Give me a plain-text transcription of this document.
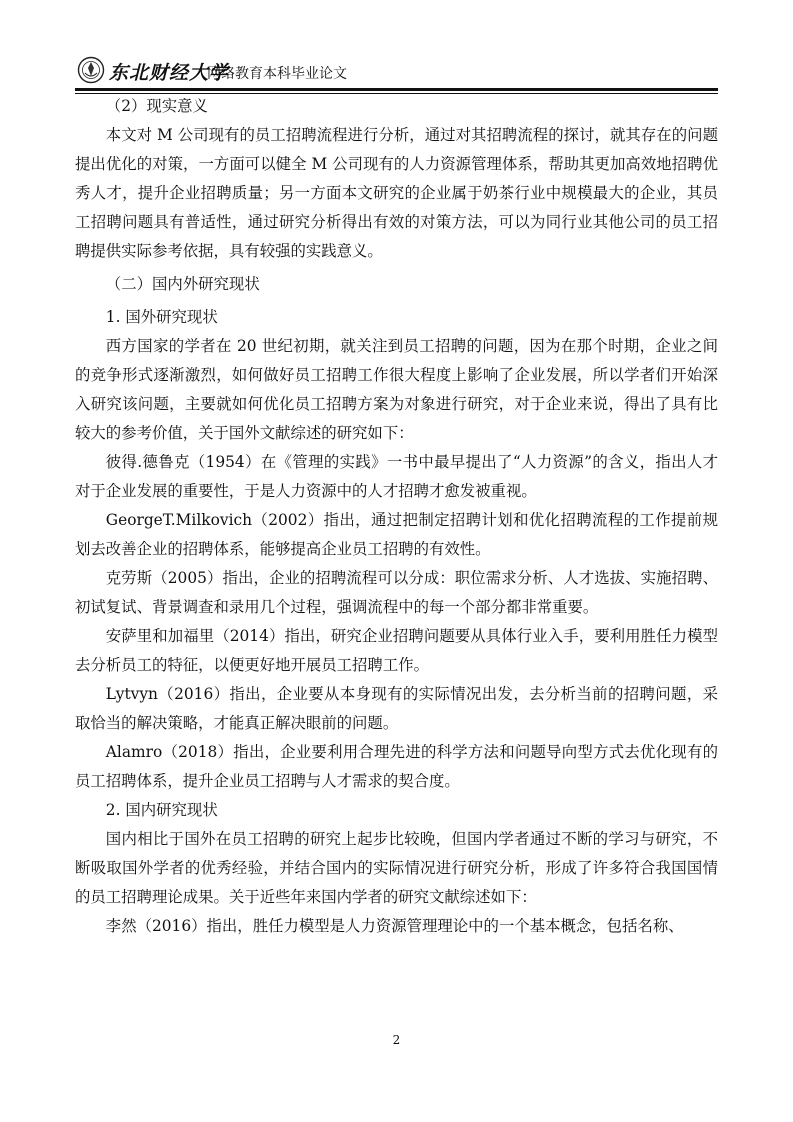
东北财经大学
网络教育本科毕业论文

（2）现实意义

本文对 M 公司现有的员工招聘流程进行分析，通过对其招聘流程的探讨，就其存在的问题提出优化的对策，一方面可以健全 M 公司现有的人力资源管理体系，帮助其更加高效地招聘优秀人才，提升企业招聘质量；另一方面本文研究的企业属于奶茶行业中规模最大的企业，其员工招聘问题具有普适性，通过研究分析得出有效的对策方法，可以为同行业其他公司的员工招聘提供实际参考依据，具有较强的实践意义。

（二）国内外研究现状

1. 国外研究现状

西方国家的学者在 20 世纪初期，就关注到员工招聘的问题，因为在那个时期，企业之间的竞争形式逐渐激烈，如何做好员工招聘工作很大程度上影响了企业发展，所以学者们开始深入研究该问题，主要就如何优化员工招聘方案为对象进行研究，对于企业来说，得出了具有比较大的参考价值，关于国外文献综述的研究如下：

彼得.德鲁克（1954）在《管理的实践》一书中最早提出了“人力资源”的含义，指出人才对于企业发展的重要性，于是人力资源中的人才招聘才愈发被重视。

GeorgeT.Milkovich（2002）指出，通过把制定招聘计划和优化招聘流程的工作提前规划去改善企业的招聘体系，能够提高企业员工招聘的有效性。

克劳斯（2005）指出，企业的招聘流程可以分成：职位需求分析、人才选拔、实施招聘、初试复试、背景调查和录用几个过程，强调流程中的每一个部分都非常重要。

安萨里和加福里（2014）指出，研究企业招聘问题要从具体行业入手，要利用胜任力模型去分析员工的特征，以便更好地开展员工招聘工作。

Lytvyn（2016）指出，企业要从本身现有的实际情况出发，去分析当前的招聘问题，采取恰当的解决策略，才能真正解决眼前的问题。

Alamro（2018）指出，企业要利用合理先进的科学方法和问题导向型方式去优化现有的员工招聘体系，提升企业员工招聘与人才需求的契合度。

2. 国内研究现状

国内相比于国外在员工招聘的研究上起步比较晚，但国内学者通过不断的学习与研究，不断吸取国外学者的优秀经验，并结合国内的实际情况进行研究分析，形成了许多符合我国国情的员工招聘理论成果。关于近些年来国内学者的研究文献综述如下：

李然（2016）指出，胜任力模型是人力资源管理理论中的一个基本概念，包括名称、

2
